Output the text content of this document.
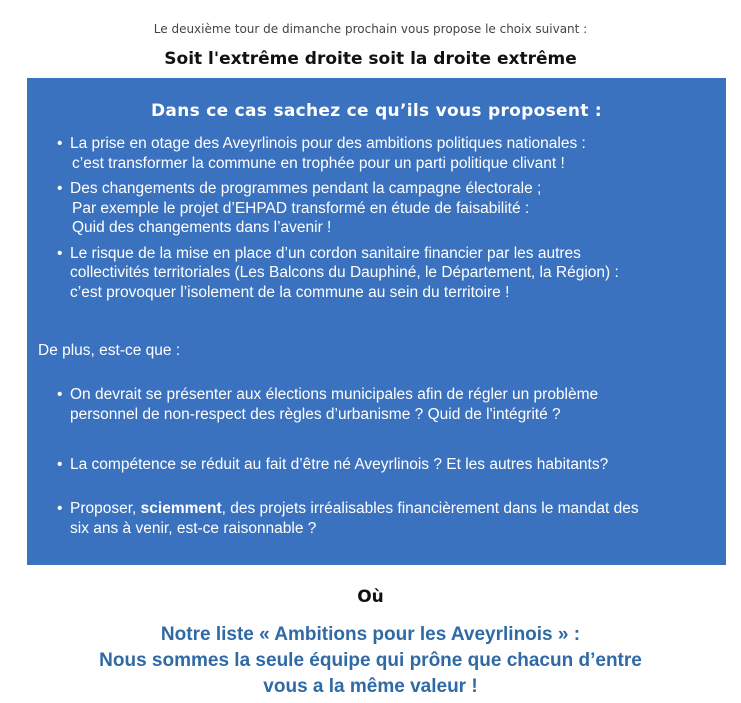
Le deuxième tour de dimanche prochain vous propose le choix suivant :
Soit l'extrême droite soit la droite extrême
Dans ce cas sachez ce qu’ils vous proposent :
• La prise en otage des Aveyrlinois pour des ambitions politiques nationales :
c’est transformer la commune en trophée pour un parti politique clivant !
• Des changements de programmes pendant la campagne électorale ;
Par exemple le projet d’EHPAD transformé en étude de faisabilité :
Quid des changements dans l’avenir !
• Le risque de la mise en place d’un cordon sanitaire financier par les autres
collectivités territoriales (Les Balcons du Dauphiné, le Département, la Région) :
c’est provoquer l’isolement de la commune au sein du territoire !
De plus, est-ce que :
• On devrait se présenter aux élections municipales afin de régler un problème
personnel de non-respect des règles d’urbanisme ? Quid de l'intégrité ?
• La compétence se réduit au fait d’être né Aveyrlinois ? Et les autres habitants?
• Proposer, sciemment, des projets irréalisables financièrement dans le mandat des
six ans à venir, est-ce raisonnable ?
Où
Notre liste « Ambitions pour les Aveyrlinois » :
Nous sommes la seule équipe qui prône que chacun d’entre
vous a la même valeur !
